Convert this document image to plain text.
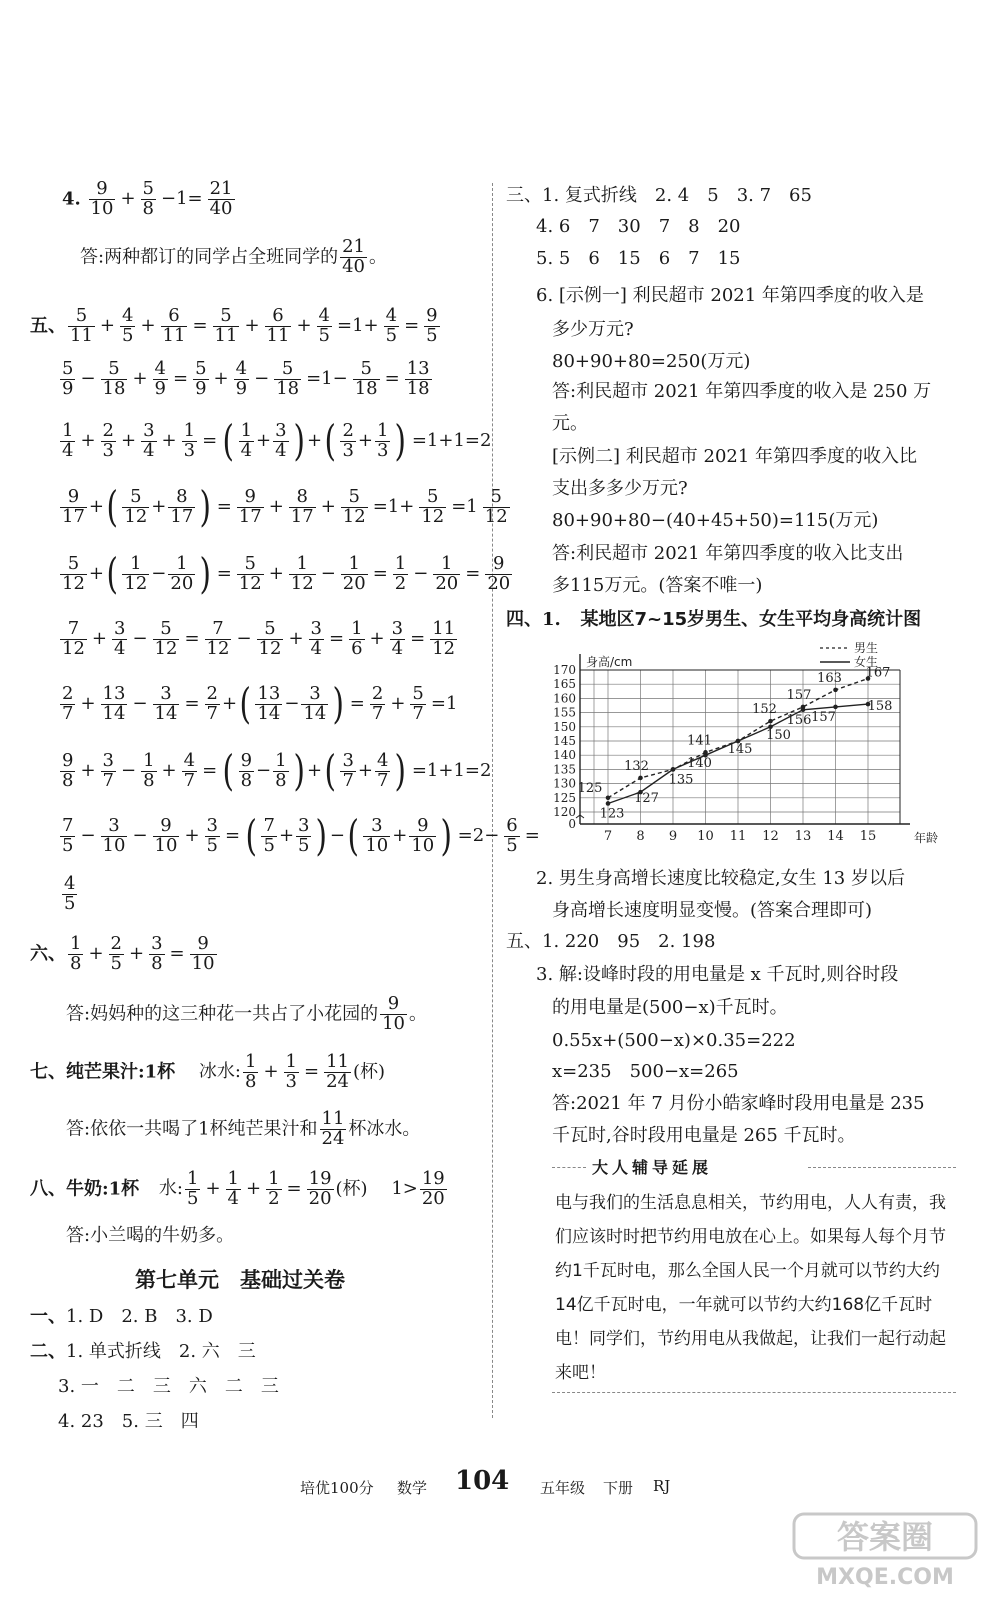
4. $\frac{9}{10} + \frac{5}{8} -1= \frac{21}{40}$
答:两种都订的同学占全班同学的 $\frac{21}{40}$ 。
五、 $\frac{5}{11} + \frac{4}{5} + \frac{6}{11} = \frac{5}{11} + \frac{6}{11} + \frac{4}{5} =1+ \frac{4}{5} = \frac{9}{5}$
$\frac{5}{9} - \frac{5}{18} + \frac{4}{9} = \frac{5}{9} + \frac{4}{9} - \frac{5}{18} =1- \frac{5}{18} = \frac{13}{18}$
$\frac{1}{4} + \frac{2}{3} + \frac{3}{4} + \frac{1}{3}$ = ( $\frac{1}{4} + \frac{3}{4}$ ) +( $\frac{2}{3} + \frac{1}{3}$ ) =1+1=2
$\frac{9}{17}$ +( $\frac{5}{12} + \frac{8}{17}$ ) = $\frac{9}{17} + \frac{8}{17} + \frac{5}{12} =1+ \frac{5}{12} =1 \frac{5}{12}$
$\frac{5}{12}$ +( $\frac{1}{12} - \frac{1}{20}$ ) = $\frac{5}{12} + \frac{1}{12} - \frac{1}{20} = \frac{1}{2} - \frac{1}{20} = \frac{9}{20}$
$\frac{7}{12} + \frac{3}{4} - \frac{5}{12} = \frac{7}{12} - \frac{5}{12} + \frac{3}{4} = \frac{1}{6} + \frac{3}{4} = \frac{11}{12}$
$\frac{2}{7} + \frac{13}{14} - \frac{3}{14} = \frac{2}{7}$ +( $\frac{13}{14} - \frac{3}{14}$ ) = $\frac{2}{7} + \frac{5}{7} =1$
$\frac{9}{8} + \frac{3}{7} - \frac{1}{8} + \frac{4}{7}$ = ( $\frac{9}{8} - \frac{1}{8}$ ) +( $\frac{3}{7} + \frac{4}{7}$ ) =1+1=2
$\frac{7}{5} - \frac{3}{10} - \frac{9}{10} + \frac{3}{5}$ = ( $\frac{7}{5} + \frac{3}{5}$ ) −( $\frac{3}{10} + \frac{9}{10}$ ) $=2- \frac{6}{5}$ =
$\frac{4}{5}$
六、 $\frac{1}{8} + \frac{2}{5} + \frac{3}{8} = \frac{9}{10}$
答:妈妈种的这三种花一共占了小花园的 $\frac{9}{10}$ 。
七、纯芒果汁:1杯 冰水: $\frac{1}{8} + \frac{1}{3} = \frac{11}{24}$ (杯)
答:依依一共喝了1杯纯芒果汁和 $\frac{11}{24}$ 杯冰水。
八、牛奶:1杯 水: $\frac{1}{5} + \frac{1}{4} + \frac{1}{2} = \frac{19}{20}$ (杯) $1> \frac{19}{20}$
答:小兰喝的牛奶多。
第七单元　基础过关卷
一、1. D　2. B　3. D
二、1. 单式折线　2. 六　三
3. 一　二　三　六　二　三
4. 23　5. 三　四
三、1. 复式折线　2. 4　5　3. 7　65
4. 6　7　30　7　8　20
5. 5　6　15　6　7　15
6. [示例一] 利民超市 2021 年第四季度的收入是
多少万元?
80+90+80=250(万元)
答:利民超市 2021 年第四季度的收入是 250 万
元。
[示例二] 利民超市 2021 年第四季度的收入比
支出多多少万元?
80+90+80−(40+45+50)=115(万元)
答:利民超市 2021 年第四季度的收入比支出
多115万元。(答案不唯一)
四、1. 某地区7~15岁男生、女生平均身高统计图
0
120
125
130
135
140
145
150
155
160
165
170
7 8 9 10 11 12 13 14 15	年龄
身高/cm
男生
女生
125
132
141
152
157
163 167
123
127
135
140
145
150
156 157
158
2. 男生身高增长速度比较稳定,女生 13 岁以后
身高增长速度明显变慢。(答案合理即可)
五、1. 220　95　2. 198
3. 解:设峰时段的用电量是 x 千瓦时,则谷时段
的用电量是(500−x)千瓦时。
0.55x+(500−x)×0.35=222
x=235　500−x=265
答:2021 年 7 月份小皓家峰时段用电量是 235
千瓦时,谷时段用电量是 265 千瓦时。
大人辅导延展
电与我们的生活息息相关，节约用电，人人有责，我们应该时时把节约用电放在心上。如果每人每个月节约1千瓦时电，那么全国人民一个月就可以节约大约14亿千瓦时电，一年就可以节约大约168亿千瓦时电！同学们，节约用电从我做起，让我们一起行动起来吧！
培优100分 数学 104 五年级 下册 RJ
答案圈
MXQE.COM
